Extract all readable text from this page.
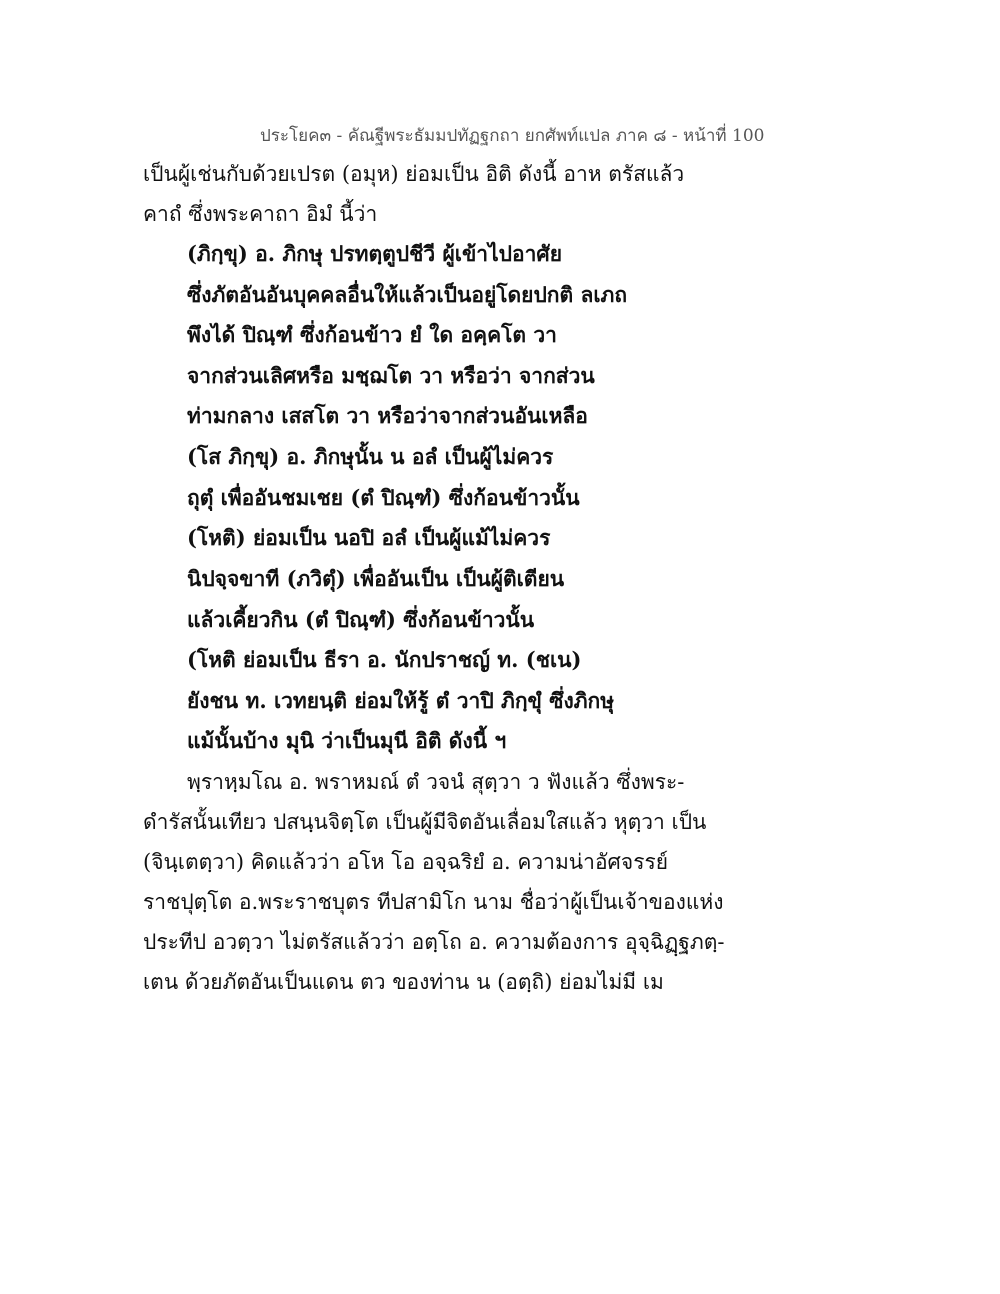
ประโยค๓ - คัณฐีพระธัมมปทัฏฐกถา ยกศัพท์แปล ภาค ๘ - หน้าที่ 100
เป็นผู้เช่นกับด้วยเปรต (อมุห) ย่อมเป็น อิติ ดังนี้ อาห ตรัสแล้ว
คาถํ ซึ่งพระคาถา อิมํ นี้ว่า
(ภิกฺขุ) อ. ภิกษุ ปรทตฺตูปชีวี ผู้เข้าไปอาศัย
ซึ่งภัตอันอันบุคคลอื่นให้แล้วเป็นอยู่โดยปกติ ลเภถ
พึงได้ ปิณฺฑํ ซึ่งก้อนข้าว ยํ ใด อคฺคโต วา
จากส่วนเลิศหรือ มชฺฌโต วา หรือว่า จากส่วน
ท่ามกลาง เสสโต วา หรือว่าจากส่วนอันเหลือ
(โส ภิกฺขุ) อ. ภิกษุนั้น น อลํ เป็นผู้ไม่ควร
ถุตุํ เพื่ออันชมเชย (ตํ ปิณฺฑํ) ซึ่งก้อนข้าวนั้น
(โหติ) ย่อมเป็น นอปิ อลํ เป็นผู้แม้ไม่ควร
นิปจฺจขาที (ภวิตุํ) เพื่ออันเป็น เป็นผู้ติเตียน
แล้วเคี้ยวกิน (ตํ ปิณฺฑํ) ซึ่งก้อนข้าวนั้น
(โหติ ย่อมเป็น ธีรา อ. นักปราชญ์ ท. (ชเน)
ยังชน ท. เวทยนฺติ ย่อมให้รู้ ตํ วาปิ ภิกฺขุํ ซึ่งภิกษุ
แม้นั้นบ้าง มุนิ ว่าเป็นมุนี อิติ ดังนี้ ฯ
พฺราหฺมโณ อ. พราหมณ์ ตํ วจนํ สุตฺวา ว ฟังแล้ว ซึ่งพระ-
ดำรัสนั้นเทียว ปสนฺนจิตฺโต เป็นผู้มีจิตอันเลื่อมใสแล้ว หุตฺวา เป็น
(จินฺเตตฺวา) คิดแล้วว่า อโห โอ อจฺฉริยํ อ. ความน่าอัศจรรย์
ราชปุตฺโต อ.พระราชบุตร ทีปสามิโก นาม ชื่อว่าผู้เป็นเจ้าของแห่ง
ประทีป อวตฺวา ไม่ตรัสแล้วว่า อตฺโถ อ. ความต้องการ อุจฺฉิฏฺฐภตฺ-
เตน ด้วยภัตอันเป็นแดน ตว ของท่าน น (อตฺถิ) ย่อมไม่มี เม
